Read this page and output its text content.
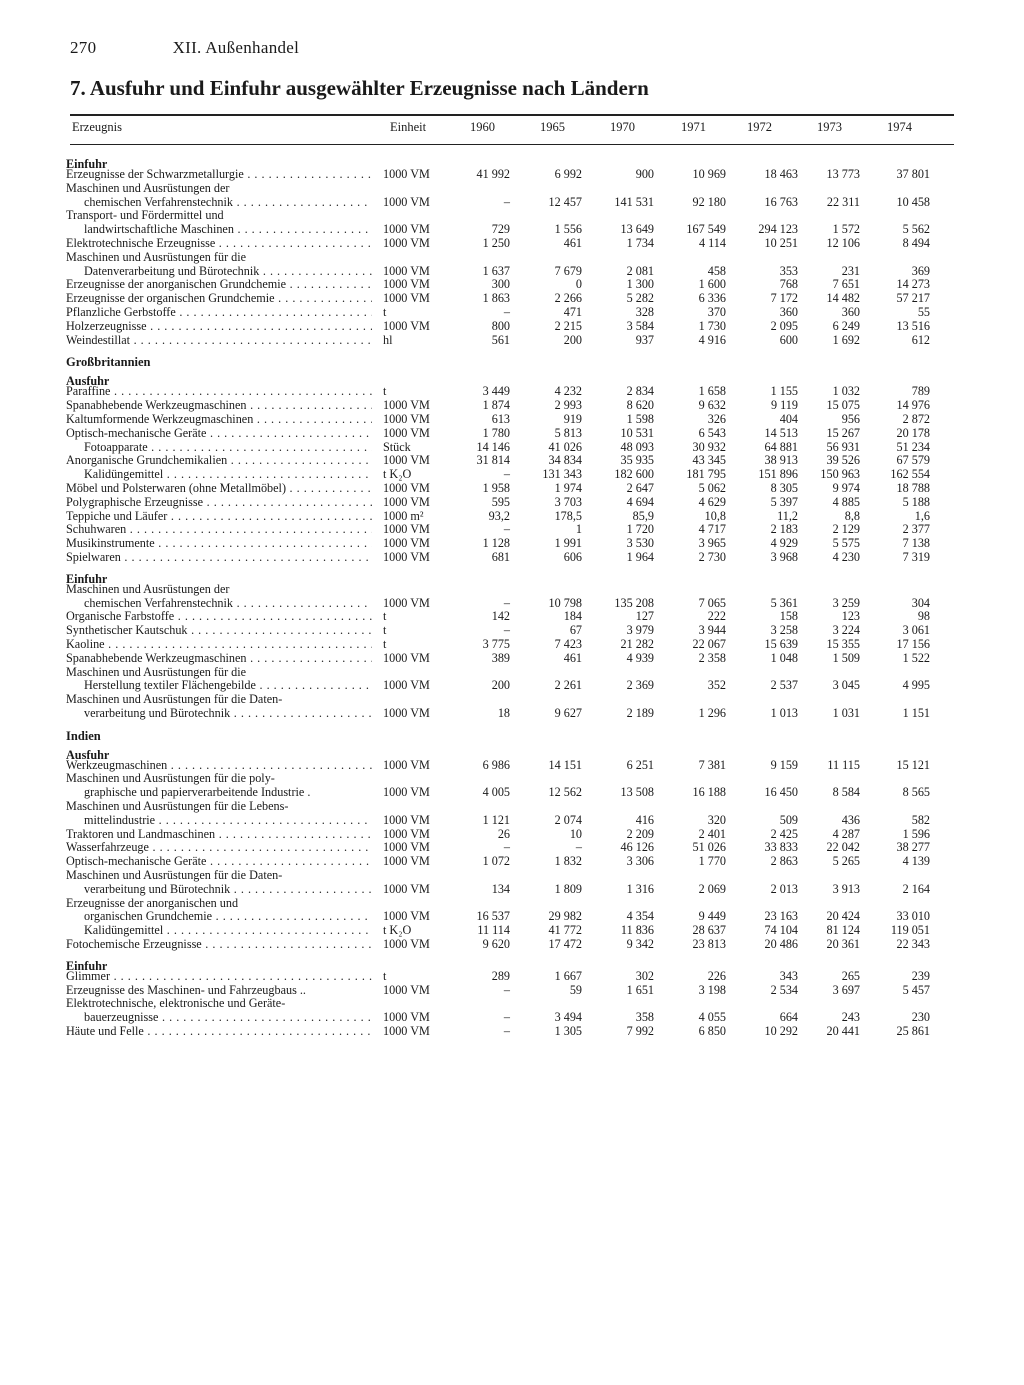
270	XII. Außenhandel
7. Ausfuhr und Einfuhr ausgewählter Erzeugnisse nach Ländern
Erzeugnis	Einheit	1960	1965	1970	1971	1972	1973	1974
Einfuhr
Erzeugnisse der Schwarzmetallurgie . . .	1000 VM	41 992	6 992	900	10 969	18 463	13 773	37 801
Maschinen und Ausrüstungen der
chemischen Verfahrenstechnik . . .	1000 VM	–	12 457	141 531	92 180	16 763	22 311	10 458
Transport- und Fördermittel und
landwirtschaftliche Maschinen . . .	1000 VM	729	1 556	13 649	167 549	294 123	1 572	5 562
Elektrotechnische Erzeugnisse . . .	1000 VM	1 250	461	1 734	4 114	10 251	12 106	8 494
Maschinen und Ausrüstungen für die
Datenverarbeitung und Bürotechnik . . .	1000 VM	1 637	7 679	2 081	458	353	231	369
Erzeugnisse der anorganischen Grundchemie . . .	1000 VM	300	0	1 300	1 600	768	7 651	14 273
Erzeugnisse der organischen Grundchemie . . .	1000 VM	1 863	2 266	5 282	6 336	7 172	14 482	57 217
Pflanzliche Gerbstoffe . . .	t	–	471	328	370	360	360	55
Holzerzeugnisse . . .	1000 VM	800	2 215	3 584	1 730	2 095	6 249	13 516
Weindestillat . . .	hl	561	200	937	4 916	600	1 692	612
Großbritannien
Ausfuhr
Paraffine . . .	t	3 449	4 232	2 834	1 658	1 155	1 032	789
Spanabhebende Werkzeugmaschinen . . .	1000 VM	1 874	2 993	8 620	9 632	9 119	15 075	14 976
Kaltumformende Werkzeugmaschinen . . .	1000 VM	613	919	1 598	326	404	956	2 872
Optisch-mechanische Geräte . . .	1000 VM	1 780	5 813	10 531	6 543	14 513	15 267	20 178
Fotoapparate . . .	Stück	14 146	41 026	48 093	30 932	64 881	56 931	51 234
Anorganische Grundchemikalien . . .	1000 VM	31 814	34 834	35 935	43 345	38 913	39 526	67 579
Kalidüngemittel . . .	t K₂O	–	131 343	182 600	181 795	151 896	150 963	162 554
Möbel und Polsterwaren (ohne Metallmöbel) . . .	1000 VM	1 958	1 974	2 647	5 062	8 305	9 974	18 788
Polygraphische Erzeugnisse . . .	1000 VM	595	3 703	4 694	4 629	5 397	4 885	5 188
Teppiche und Läufer . . .	1000 m²	93,2	178,5	85,9	10,8	11,2	8,8	1,6
Schuhwaren . . .	1000 VM	–	1	1 720	4 717	2 183	2 129	2 377
Musikinstrumente . . .	1000 VM	1 128	1 991	3 530	3 965	4 929	5 575	7 138
Spielwaren . . .	1000 VM	681	606	1 964	2 730	3 968	4 230	7 319
Einfuhr
Maschinen und Ausrüstungen der
chemischen Verfahrenstechnik . . .	1000 VM	–	10 798	135 208	7 065	5 361	3 259	304
Organische Farbstoffe . . .	t	142	184	127	222	158	123	98
Synthetischer Kautschuk . . .	t	–	67	3 979	3 944	3 258	3 224	3 061
Kaoline . . .	t	3 775	7 423	21 282	22 067	15 639	15 355	17 156
Spanabhebende Werkzeugmaschinen . . .	1000 VM	389	461	4 939	2 358	1 048	1 509	1 522
Maschinen und Ausrüstungen für die
Herstellung textiler Flächengebilde . . .	1000 VM	200	2 261	2 369	352	2 537	3 045	4 995
Maschinen und Ausrüstungen für die Daten-
verarbeitung und Bürotechnik . . .	1000 VM	18	9 627	2 189	1 296	1 013	1 031	1 151
Indien
Ausfuhr
Werkzeugmaschinen . . .	1000 VM	6 986	14 151	6 251	7 381	9 159	11 115	15 121
Maschinen und Ausrüstungen für die poly-
graphische und papierverarbeitende Industrie .	1000 VM	4 005	12 562	13 508	16 188	16 450	8 584	8 565
Maschinen und Ausrüstungen für die Lebens-
mittelindustrie . . .	1000 VM	1 121	2 074	416	320	509	436	582
Traktoren und Landmaschinen . . .	1000 VM	26	10	2 209	2 401	2 425	4 287	1 596
Wasserfahrzeuge . . .	1000 VM	–	–	46 126	51 026	33 833	22 042	38 277
Optisch-mechanische Geräte . . .	1000 VM	1 072	1 832	3 306	1 770	2 863	5 265	4 139
Maschinen und Ausrüstungen für die Daten-
verarbeitung und Bürotechnik . . .	1000 VM	134	1 809	1 316	2 069	2 013	3 913	2 164
Erzeugnisse der anorganischen und
organischen Grundchemie . . .	1000 VM	16 537	29 982	4 354	9 449	23 163	20 424	33 010
Kalidüngemittel . . .	t K₂O	11 114	41 772	11 836	28 637	74 104	81 124	119 051
Fotochemische Erzeugnisse . . .	1000 VM	9 620	17 472	9 342	23 813	20 486	20 361	22 343
Einfuhr
Glimmer . . .	t	289	1 667	302	226	343	265	239
Erzeugnisse des Maschinen- und Fahrzeugbaus ..	1000 VM	–	59	1 651	3 198	2 534	3 697	5 457
Elektrotechnische, elektronische und Geräte-
bauerzeugnisse . . .	1000 VM	–	3 494	358	4 055	664	243	230
Häute und Felle . . .	1000 VM	–	1 305	7 992	6 850	10 292	20 441	25 861
